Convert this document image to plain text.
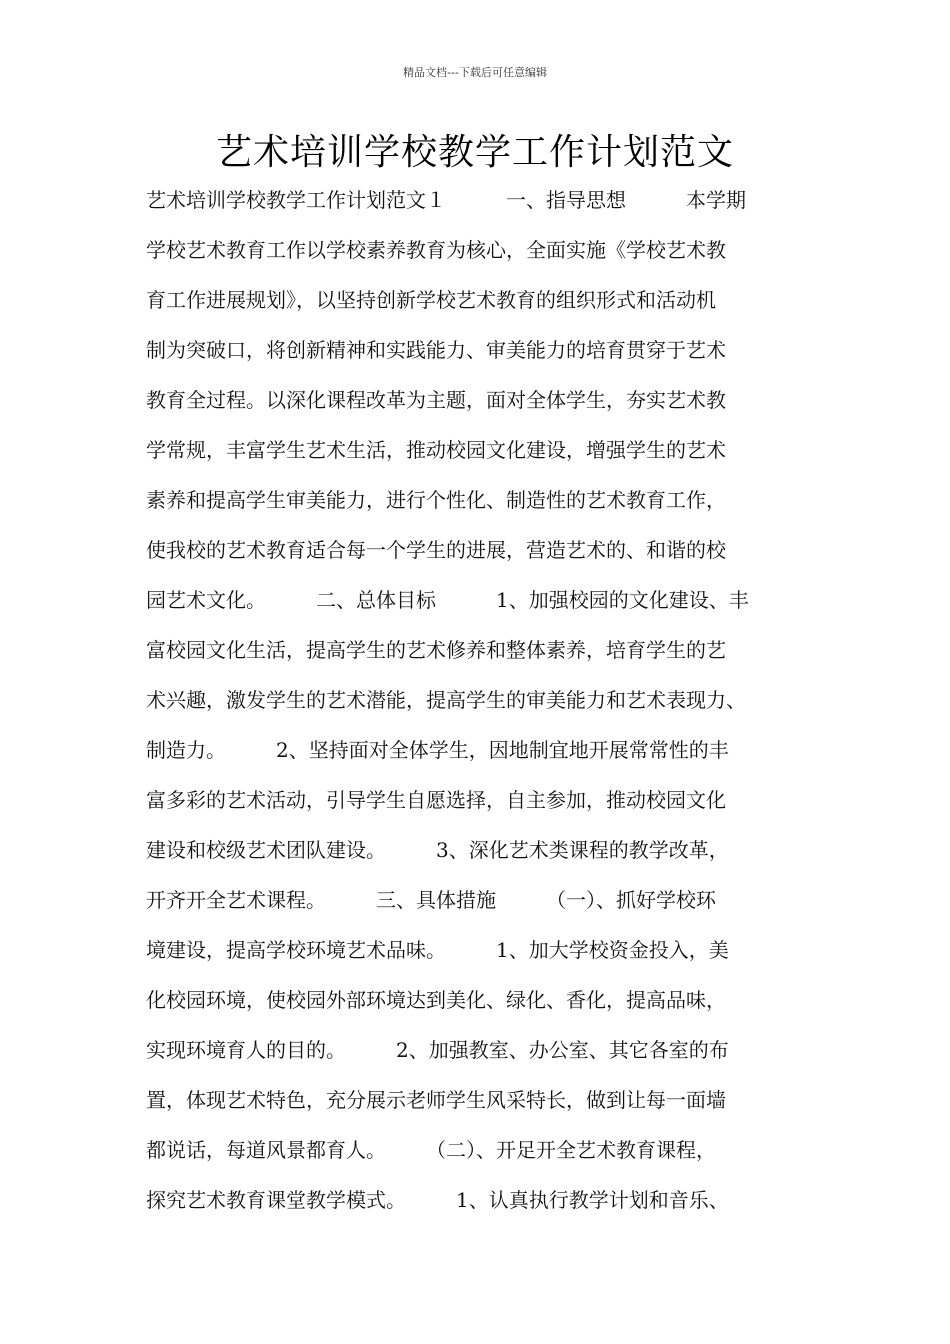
精品文档---下载后可任意编辑
艺术培训学校教学工作计划范文
艺术培训学校教学工作计划范文１　　　一、指导思想　　　本学期
学校艺术教育工作以学校素养教育为核心，全面实施《学校艺术教
育工作进展规划》，以坚持创新学校艺术教育的组织形式和活动机
制为突破口，将创新精神和实践能力、审美能力的培育贯穿于艺术
教育全过程。以深化课程改革为主题，面对全体学生，夯实艺术教
学常规，丰富学生艺术生活，推动校园文化建设，增强学生的艺术
素养和提高学生审美能力，进行个性化、制造性的艺术教育工作，
使我校的艺术教育适合每一个学生的进展，营造艺术的、和谐的校
园艺术文化。　　　二、总体目标　　　1、加强校园的文化建设、丰
富校园文化生活，提高学生的艺术修养和整体素养，培育学生的艺
术兴趣，激发学生的艺术潜能，提高学生的审美能力和艺术表现力、
制造力。　　　2、坚持面对全体学生，因地制宜地开展常常性的丰
富多彩的艺术活动，引导学生自愿选择，自主参加，推动校园文化
建设和校级艺术团队建设。　　　3、深化艺术类课程的教学改革，
开齐开全艺术课程。　　　三、具体措施　　　（一）、抓好学校环
境建设，提高学校环境艺术品味。　　　1、加大学校资金投入，美
化校园环境，使校园外部环境达到美化、绿化、香化，提高品味，
实现环境育人的目的。　　　2、加强教室、办公室、其它各室的布
置，体现艺术特色，充分展示老师学生风采特长，做到让每一面墙
都说话，每道风景都育人。　　　（二）、开足开全艺术教育课程，
探究艺术教育课堂教学模式。　　　1、认真执行教学计划和音乐、
